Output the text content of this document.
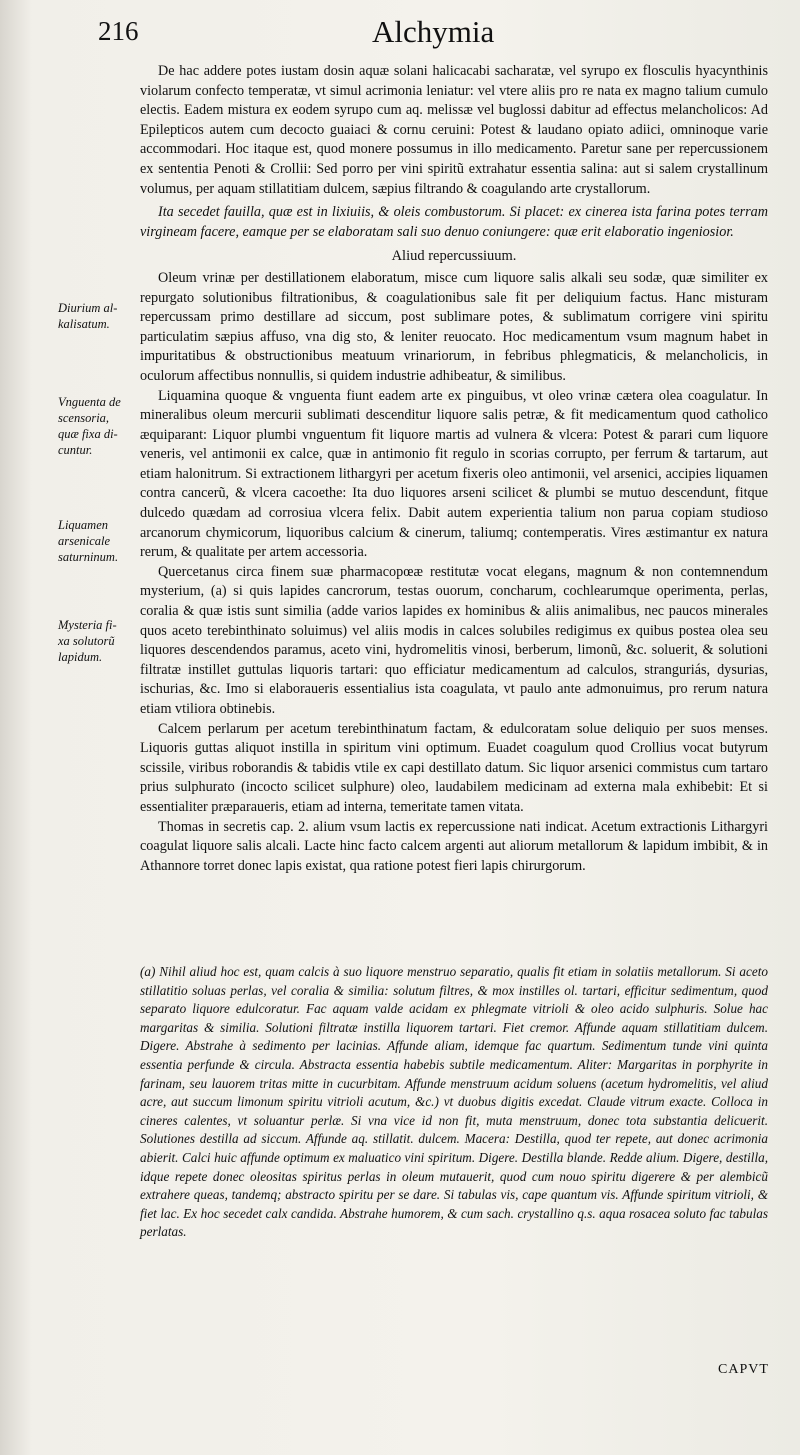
216	Alchymia
Diurium al-
kalisatum.
Vnguenta de
scensoria,
quæ fixa di-
cuntur.
Liquamen
arsenicale
saturninum.
Mysteria fi-
xa solutorũ
lapidum.

De hac addere potes iustam dosin aquæ solani halicacabi sacharatæ, vel syrupo ex flosculis hyacynthinis violarum confecto temperatæ, vt simul acrimonia leniatur: vel vtere aliis pro re nata ex magno talium cumulo electis. Eadem mistura ex eodem syrupo cum aq. melissæ vel buglossi dabitur ad effectus melancholicos: Ad Epilepticos autem cum decocto guaiaci & cornu ceruini: Potest & laudano opiato adiici, omninoque varie accommodari. Hoc itaque est, quod monere possumus in illo medicamento. Paretur sane per repercussionem ex sententia Penoti & Crollii: Sed porro per vini spiritũ extrahatur essentia salina: aut si salem crystallinum volumus, per aquam stillatitiam dulcem, sæpius filtrando & coagulando arte crystallorum.

Ita secedet fauilla, quæ est in lixiuiis, & oleis combustorum. Si placet: ex cinerea ista farina potes terram virgineam facere, eamque per se elaboratam sali suo denuo coniungere: quæ erit elaboratio ingeniosior.

Aliud repercussiuum.

Oleum vrinæ per destillationem elaboratum, misce cum liquore salis alkali seu sodæ, quæ similiter ex repurgato solutionibus filtrationibus, & coagulationibus sale fit per deliquium factus. Hanc misturam repercussam primo destillare ad siccum, post sublimare potes, & sublimatum corrigere vini spiritu particulatim sæpius affuso, vna dig sto, & leniter reuocato. Hoc medicamentum vsum magnum habet in impuritatibus & obstructionibus meatuum vrinariorum, in febribus phlegmaticis, & melancholicis, in oculorum affectibus nonnullis, si quidem industrie adhibeatur, & similibus.

Liquamina quoque & vnguenta fiunt eadem arte ex pinguibus, vt oleo vrinæ cætera olea coagulatur. In mineralibus oleum mercurii sublimati descenditur liquore salis petræ, & fit medicamentum quod catholico æquiparant: Liquor plumbi vnguentum fit liquore martis ad vulnera & vlcera: Potest & parari cum liquore veneris, vel antimonii ex calce, quæ in antimonio fit regulo in scorias corrupto, per ferrum & tartarum, aut etiam halonitrum. Si extractionem lithargyri per acetum fixeris oleo antimonii, vel arsenici, accipies liquamen contra cancerũ, & vlcera cacoethe: Ita duo liquores arseni scilicet & plumbi se mutuo descendunt, fitque dulcedo quædam ad corrosiua vlcera felix. Dabit autem experientia talium non parua copiam studioso arcanorum chymicorum, liquoribus calcium & cinerum, taliumq; contemperatis. Vires æstimantur ex natura rerum, & qualitate per artem accessoria.

Quercetanus circa finem suæ pharmacopœæ restitutæ vocat elegans, magnum & non contemnendum mysterium, (a) si quis lapides cancrorum, testas ouorum, concharum, cochlearumque operimenta, perlas, coralia & quæ istis sunt similia (adde varios lapides ex hominibus & aliis animalibus, nec paucos minerales quos aceto terebinthinato soluimus) vel aliis modis in calces solubiles redigimus ex quibus postea olea seu liquores descendendos paramus, aceto vini, hydromelitis vinosi, berberum, limonũ, &c. soluerit, & solutioni filtratæ instillet guttulas liquoris tartari: quo efficiatur medicamentum ad calculos, stranguriás, dysurias, ischurias, &c. Imo si elaboraueris essentialius ista coagulata, vt paulo ante admonuimus, pro rerum natura etiam vtiliora obtinebis.

Calcem perlarum per acetum terebinthinatum factam, & edulcoratam solue deliquio per suos menses. Liquoris guttas aliquot instilla in spiritum vini optimum. Euadet coagulum quod Crollius vocat butyrum scissile, viribus roborandis & tabidis vtile ex capi destillato datum. Sic liquor arsenici commistus cum tartaro prius sulphurato (incocto scilicet sulphure) oleo, laudabilem medicinam ad externa mala exhibebit: Et si essentialiter præparaueris, etiam ad interna, temeritate tamen vitata.

Thomas in secretis cap. 2. alium vsum lactis ex repercussione nati indicat. Acetum extractionis Lithargyri coagulat liquore salis alcali. Lacte hinc facto calcem argenti aut aliorum metallorum & lapidum imbibit, & in Athannore torret donec lapis existat, qua ratione potest fieri lapis chirurgorum.

(a) Nihil aliud hoc est, quam calcis à suo liquore menstruo separatio, qualis fit etiam in solatiis metallorum. Si aceto stillatitio soluas perlas, vel coralia & similia: solutum filtres, & mox instilles ol. tartari, efficitur sedimentum, quod separato liquore edulcoratur. Fac aquam valde acidam ex phlegmate vitrioli & oleo acido sulphuris. Solue hac margaritas & similia. Solutioni filtratæ instilla liquorem tartari. Fiet cremor. Affunde aquam stillatitiam dulcem. Digere. Abstrahe à sedimento per lacinias. Affunde aliam, idemque fac quartum. Sedimentum tunde vini quinta essentia perfunde & circula. Abstracta essentia habebis subtile medicamentum. Aliter: Margaritas in porphyrite in farinam, seu lauorem tritas mitte in cucurbitam. Affunde menstruum acidum soluens (acetum hydromelitis, vel aliud acre, aut succum limonum spiritu vitrioli acutum, &c.) vt duobus digitis excedat. Claude vitrum exacte. Colloca in cineres calentes, vt soluantur perlæ. Si vna vice id non fit, muta menstruum, donec tota substantia delicuerit. Solutiones destilla ad siccum. Affunde aq. stillatit. dulcem. Macera: Destilla, quod ter repete, aut donec acrimonia abierit. Calci huic affunde optimum ex maluatico vini spiritum. Digere. Destilla blande. Redde alium. Digere, destilla, idque repete donec oleositas spiritus perlas in oleum mutauerit, quod cum nouo spiritu digerere & per alembicũ extrahere queas, tandemq; abstracto spiritu per se dare. Si tabulas vis, cape quantum vis. Affunde spiritum vitrioli, & fiet lac. Ex hoc secedet calx candida. Abstrahe humorem, & cum sach. crystallino q.s. aqua rosacea soluto fac tabulas perlatas.
CAPVT
